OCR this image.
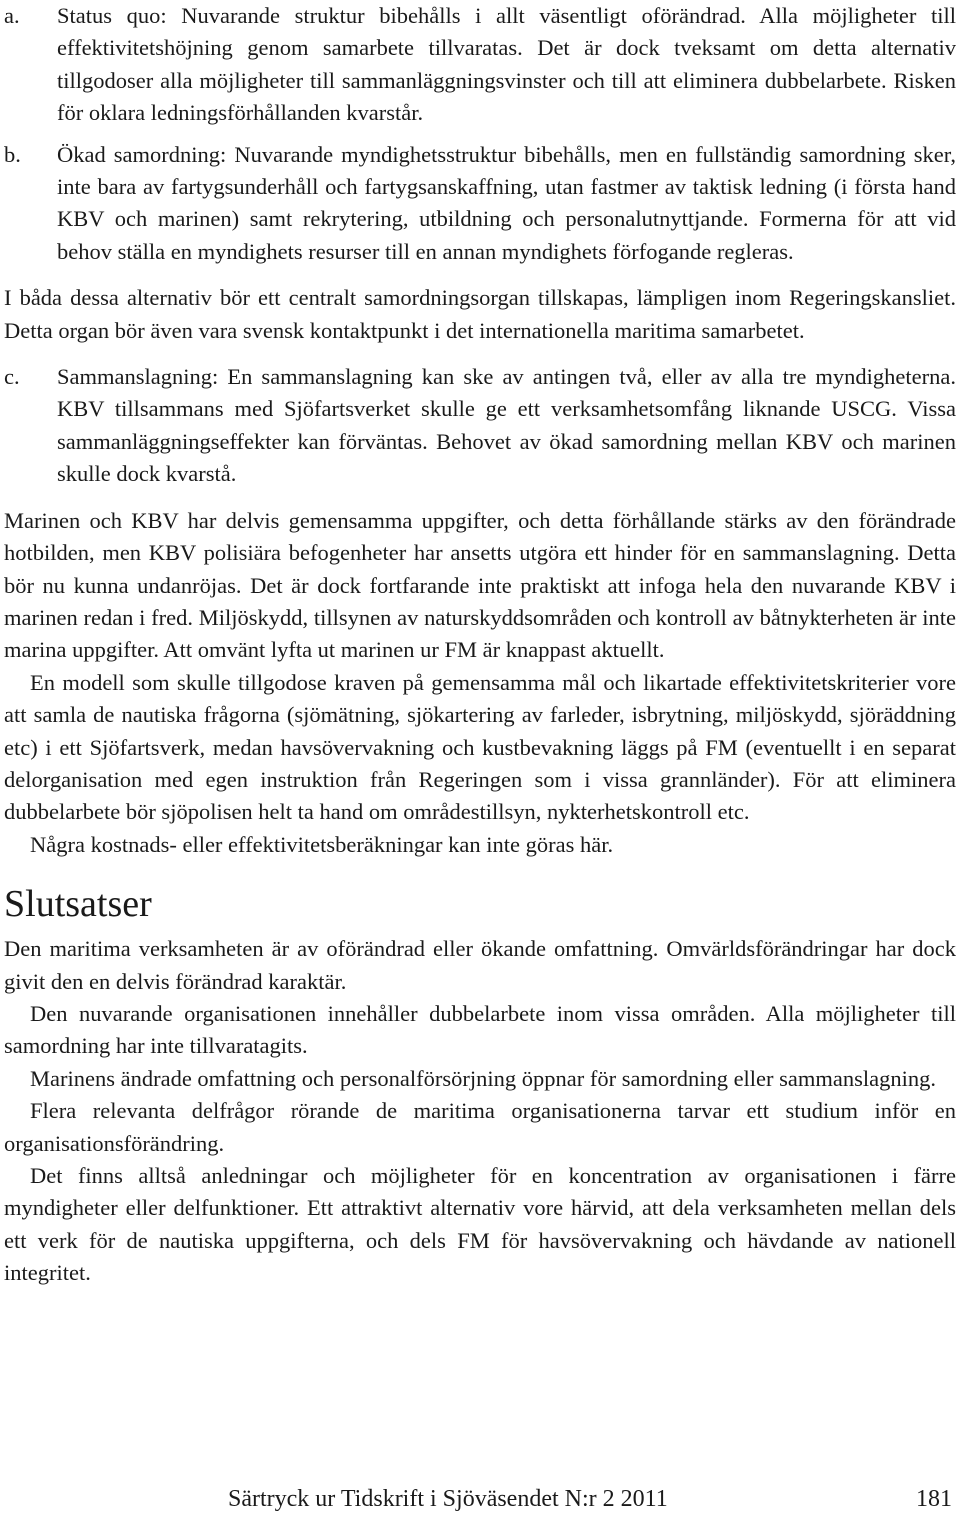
a.	Status quo: Nuvarande struktur bibehålls i allt väsentligt oförändrad. Alla möjligheter till effektivitetshöjning genom samarbete tillvaratas. Det är dock tveksamt om detta alternativ tillgodoser alla möjligheter till sammanläggningsvinster och till att eliminera dubbelarbete. Risken för oklara ledningsförhållanden kvarstår.
b.	Ökad samordning: Nuvarande myndighetsstruktur bibehålls, men en fullständig samordning sker, inte bara av fartygsunderhåll och fartygsanskaffning, utan fastmer av taktisk ledning (i första hand KBV och marinen) samt rekrytering, utbildning och personalutnyttjande. Formerna för att vid behov ställa en myndighets resurser till en annan myndighets förfogande regleras.

I båda dessa alternativ bör ett centralt samordningsorgan tillskapas, lämpligen inom Regeringskansliet. Detta organ bör även vara svensk kontaktpunkt i det internationella maritima samarbetet.

c.	Sammanslagning: En sammanslagning kan ske av antingen två, eller av alla tre myndigheterna. KBV tillsammans med Sjöfartsverket skulle ge ett verksamhetsomfång liknande USCG. Vissa sammanläggningseffekter kan förväntas. Behovet av ökad samordning mellan KBV och marinen skulle dock kvarstå.

Marinen och KBV har delvis gemensamma uppgifter, och detta förhållande stärks av den förändrade hotbilden, men KBV polisiära befogenheter har ansetts utgöra ett hinder för en sammanslagning. Detta bör nu kunna undanröjas. Det är dock fortfarande inte praktiskt att infoga hela den nuvarande KBV i marinen redan i fred. Miljöskydd, tillsynen av naturskyddsområden och kontroll av båtnykterheten är inte marina uppgifter. Att omvänt lyfta ut marinen ur FM är knappast aktuellt.

En modell som skulle tillgodose kraven på gemensamma mål och likartade effektivitetskriterier vore att samla de nautiska frågorna (sjömätning, sjökartering av farleder, isbrytning, miljöskydd, sjöräddning etc) i ett Sjöfartsverk, medan havsövervakning och kustbevakning läggs på FM (eventuellt i en separat delorganisation med egen instruktion från Regeringen som i vissa grannländer). För att eliminera dubbelarbete bör sjöpolisen helt ta hand om områdestillsyn, nykterhetskontroll etc.

Några kostnads- eller effektivitetsberäkningar kan inte göras här.

Slutsatser

Den maritima verksamheten är av oförändrad eller ökande omfattning. Omvärldsförändringar har dock givit den en delvis förändrad karaktär.

Den nuvarande organisationen innehåller dubbelarbete inom vissa områden. Alla möjligheter till samordning har inte tillvaratagits.

Marinens ändrade omfattning och personalförsörjning öppnar för samordning eller sammanslagning.

Flera relevanta delfrågor rörande de maritima organisationerna tarvar ett studium inför en organisationsförändring.

Det finns alltså anledningar och möjligheter för en koncentration av organisationen i färre myndigheter eller delfunktioner. Ett attraktivt alternativ vore härvid, att dela verksamheten mellan dels ett verk för de nautiska uppgifterna, och dels FM för havsövervakning och hävdande av nationell integritet.

Särtryck ur Tidskrift i Sjöväsendet N:r 2 2011	181
